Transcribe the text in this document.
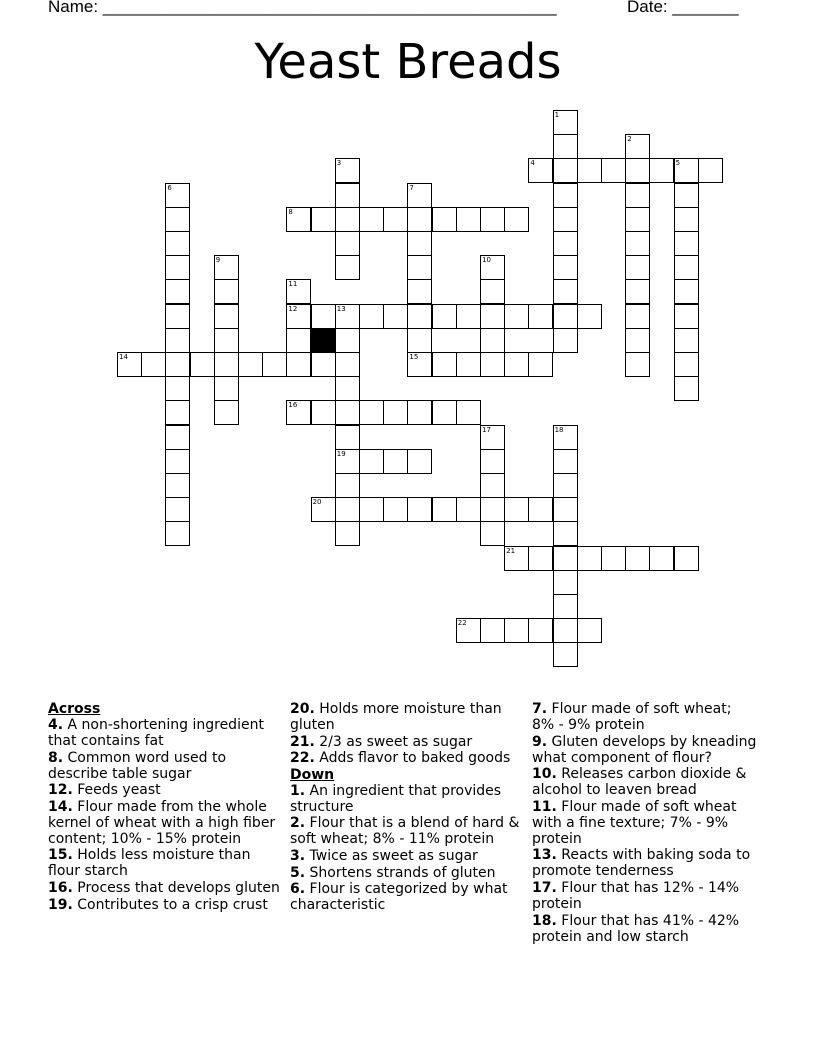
Name: ________________________________________________	Date: _______
Yeast Breads
4	5
8
12	13
14	15
16
19
20
21
22
1
2
3
6	7
9	10
11
17	18
Across
4. A non-shortening ingredient that contains fat
8. Common word used to describe table sugar
12. Feeds yeast
14. Flour made from the whole kernel of wheat with a high fiber content; 10% - 15% protein
15. Holds less moisture than flour starch
16. Process that develops gluten
19. Contributes to a crisp crust
20. Holds more moisture than gluten
21. 2/3 as sweet as sugar
22. Adds flavor to baked goods
Down
1. An ingredient that provides structure
2. Flour that is a blend of hard & soft wheat; 8% - 11% protein
3. Twice as sweet as sugar
5. Shortens strands of gluten
6. Flour is categorized by what characteristic
7. Flour made of soft wheat; 8% - 9% protein
9. Gluten develops by kneading what component of flour?
10. Releases carbon dioxide & alcohol to leaven bread
11. Flour made of soft wheat with a fine texture; 7% - 9% protein
13. Reacts with baking soda to promote tenderness
17. Flour that has 12% - 14% protein
18. Flour that has 41% - 42% protein and low starch
